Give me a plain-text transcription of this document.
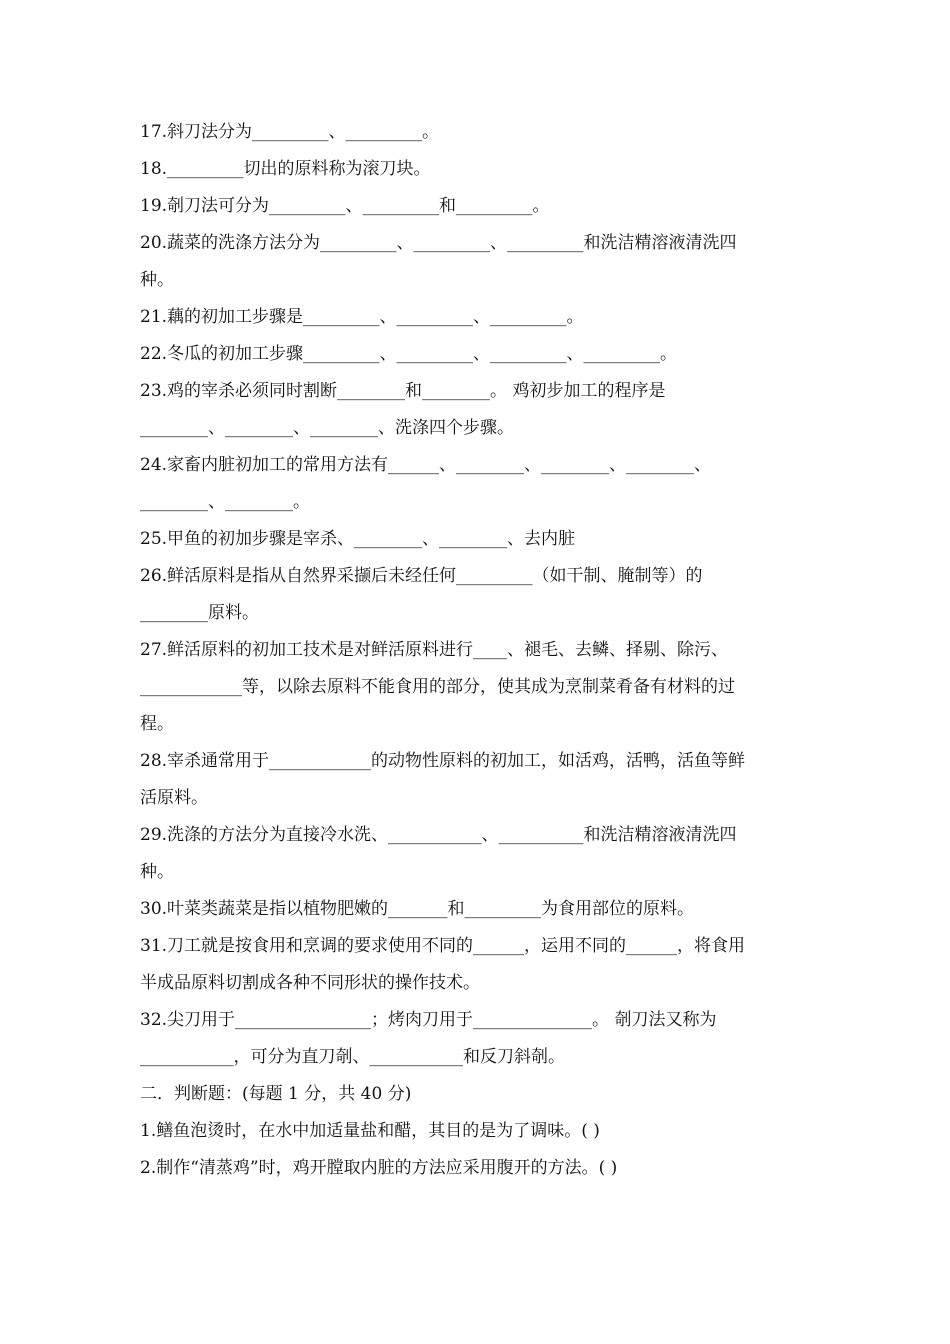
17.斜刀法分为_________、_________。
18._________切出的原料称为滚刀块。
19.剞刀法可分为_________、_________和_________。
20.蔬菜的洗涤方法分为_________、_________、_________和洗洁精溶液清洗四
种。
21.藕的初加工步骤是_________、_________、_________。
22.冬瓜的初加工步骤_________、_________、_________、_________。
23.鸡的宰杀必须同时割断________和________。 鸡初步加工的程序是
________、________、________、洗涤四个步骤。
24.家畜内脏初加工的常用方法有______、________、________、________、
________、________。
25.甲鱼的初加步骤是宰杀、________、________、去内脏
26.鲜活原料是指从自然界采撷后未经任何_________（如干制、腌制等）的
________原料。
27.鲜活原料的初加工技术是对鲜活原料进行____、褪毛、去鳞、择剔、除污、
____________等，以除去原料不能食用的部分，使其成为烹制菜肴备有材料的过
程。
28.宰杀通常用于____________的动物性原料的初加工，如活鸡，活鸭，活鱼等鲜
活原料。
29.洗涤的方法分为直接冷水洗、___________、__________和洗洁精溶液清洗四
种。
30.叶菜类蔬菜是指以植物肥嫩的_______和_________为食用部位的原料。
31.刀工就是按食用和烹调的要求使用不同的______，运用不同的______，将食用
半成品原料切割成各种不同形状的操作技术。
32.尖刀用于________________；烤肉刀用于______________。 剞刀法又称为
___________，可分为直刀剞、___________和反刀斜剞。
二．判断题：(每题 1 分，共 40 分)
1.鳝鱼泡烫时，在水中加适量盐和醋，其目的是为了调味。( )
2.制作“清蒸鸡”时，鸡开膛取内脏的方法应采用腹开的方法。( )
